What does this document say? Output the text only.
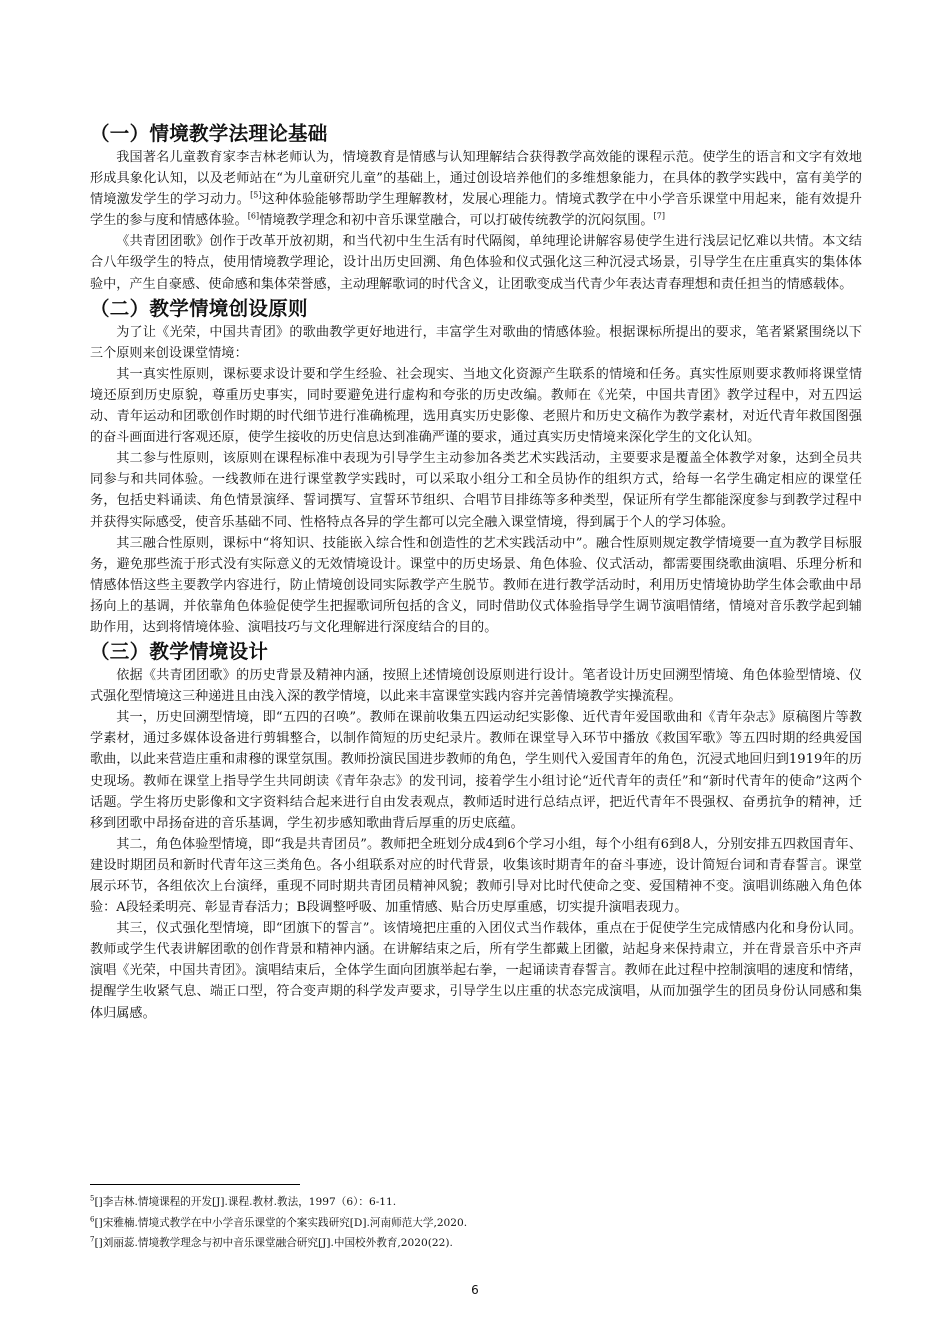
（一）情境教学法理论基础

我国著名儿童教育家李吉林老师认为，情境教育是情感与认知理解结合获得教学高效能的课程示范。使学生的语言和文字有效地形成具象化认知，以及老师站在“为儿童研究儿童”的基础上，通过创设培养他们的多维想象能力，在具体的教学实践中，富有美学的情境激发学生的学习动力。[5]这种体验能够帮助学生理解教材，发展心理能力。情境式教学在中小学音乐课堂中用起来，能有效提升学生的参与度和情感体验。[6]情境教学理念和初中音乐课堂融合，可以打破传统教学的沉闷氛围。[7]

《共青团团歌》创作于改革开放初期，和当代初中生生活有时代隔阂，单纯理论讲解容易使学生进行浅层记忆难以共情。本文结合八年级学生的特点，使用情境教学理论，设计出历史回溯、角色体验和仪式强化这三种沉浸式场景，引导学生在庄重真实的集体体验中，产生自豪感、使命感和集体荣誉感，主动理解歌词的时代含义，让团歌变成当代青少年表达青春理想和责任担当的情感载体。

（二）教学情境创设原则

为了让《光荣，中国共青团》的歌曲教学更好地进行，丰富学生对歌曲的情感体验。根据课标所提出的要求，笔者紧紧围绕以下三个原则来创设课堂情境：

其一真实性原则，课标要求设计要和学生经验、社会现实、当地文化资源产生联系的情境和任务。真实性原则要求教师将课堂情境还原到历史原貌，尊重历史事实，同时要避免进行虚构和夸张的历史改编。教师在《光荣，中国共青团》教学过程中，对五四运动、青年运动和团歌创作时期的时代细节进行准确梳理，选用真实历史影像、老照片和历史文稿作为教学素材，对近代青年救国图强的奋斗画面进行客观还原，使学生接收的历史信息达到准确严谨的要求，通过真实历史情境来深化学生的文化认知。

其二参与性原则，该原则在课程标准中表现为引导学生主动参加各类艺术实践活动，主要要求是覆盖全体教学对象，达到全员共同参与和共同体验。一线教师在进行课堂教学实践时，可以采取小组分工和全员协作的组织方式，给每一名学生确定相应的课堂任务，包括史料诵读、角色情景演绎、誓词撰写、宣誓环节组织、合唱节目排练等多种类型，保证所有学生都能深度参与到教学过程中并获得实际感受，使音乐基础不同、性格特点各异的学生都可以完全融入课堂情境，得到属于个人的学习体验。

其三融合性原则，课标中“将知识、技能嵌入综合性和创造性的艺术实践活动中”。融合性原则规定教学情境要一直为教学目标服务，避免那些流于形式没有实际意义的无效情境设计。课堂中的历史场景、角色体验、仪式活动，都需要围绕歌曲演唱、乐理分析和情感体悟这些主要教学内容进行，防止情境创设同实际教学产生脱节。教师在进行教学活动时，利用历史情境协助学生体会歌曲中昂扬向上的基调，并依靠角色体验促使学生把握歌词所包括的含义，同时借助仪式体验指导学生调节演唱情绪，情境对音乐教学起到辅助作用，达到将情境体验、演唱技巧与文化理解进行深度结合的目的。

（三）教学情境设计

依据《共青团团歌》的历史背景及精神内涵，按照上述情境创设原则进行设计。笔者设计历史回溯型情境、角色体验型情境、仪式强化型情境这三种递进且由浅入深的教学情境，以此来丰富课堂实践内容并完善情境教学实操流程。

其一，历史回溯型情境，即“五四的召唤”。教师在课前收集五四运动纪实影像、近代青年爱国歌曲和《青年杂志》原稿图片等教学素材，通过多媒体设备进行剪辑整合，以制作简短的历史纪录片。教师在课堂导入环节中播放《救国军歌》等五四时期的经典爱国歌曲，以此来营造庄重和肃穆的课堂氛围。教师扮演民国进步教师的角色，学生则代入爱国青年的角色，沉浸式地回归到1919年的历史现场。教师在课堂上指导学生共同朗读《青年杂志》的发刊词，接着学生小组讨论“近代青年的责任”和“新时代青年的使命”这两个话题。学生将历史影像和文字资料结合起来进行自由发表观点，教师适时进行总结点评，把近代青年不畏强权、奋勇抗争的精神，迁移到团歌中昂扬奋进的音乐基调，学生初步感知歌曲背后厚重的历史底蕴。

其二，角色体验型情境，即“我是共青团员”。教师把全班划分成4到6个学习小组，每个小组有6到8人，分别安排五四救国青年、建设时期团员和新时代青年这三类角色。各小组联系对应的时代背景，收集该时期青年的奋斗事迹，设计简短台词和青春誓言。课堂展示环节，各组依次上台演绎，重现不同时期共青团员精神风貌；教师引导对比时代使命之变、爱国精神不变。演唱训练融入角色体验：A段轻柔明亮、彰显青春活力；B段调整呼吸、加重情感、贴合历史厚重感，切实提升演唱表现力。

其三，仪式强化型情境，即“团旗下的誓言”。该情境把庄重的入团仪式当作载体，重点在于促使学生完成情感内化和身份认同。教师或学生代表讲解团歌的创作背景和精神内涵。在讲解结束之后，所有学生都戴上团徽，站起身来保持肃立，并在背景音乐中齐声演唱《光荣，中国共青团》。演唱结束后，全体学生面向团旗举起右拳，一起诵读青春誓言。教师在此过程中控制演唱的速度和情绪，提醒学生收紧气息、端正口型，符合变声期的科学发声要求，引导学生以庄重的状态完成演唱，从而加强学生的团员身份认同感和集体归属感。

$^5$[]李吉林.情境课程的开发[J].课程.教材.教法，1997（6）：6-11.
$^6$[]宋雅楠.情境式教学在中小学音乐课堂的个案实践研究[D].河南师范大学,2020.
$^7$[]刘丽蕊.情境教学理念与初中音乐课堂融合研究[J].中国校外教育,2020(22).
6
